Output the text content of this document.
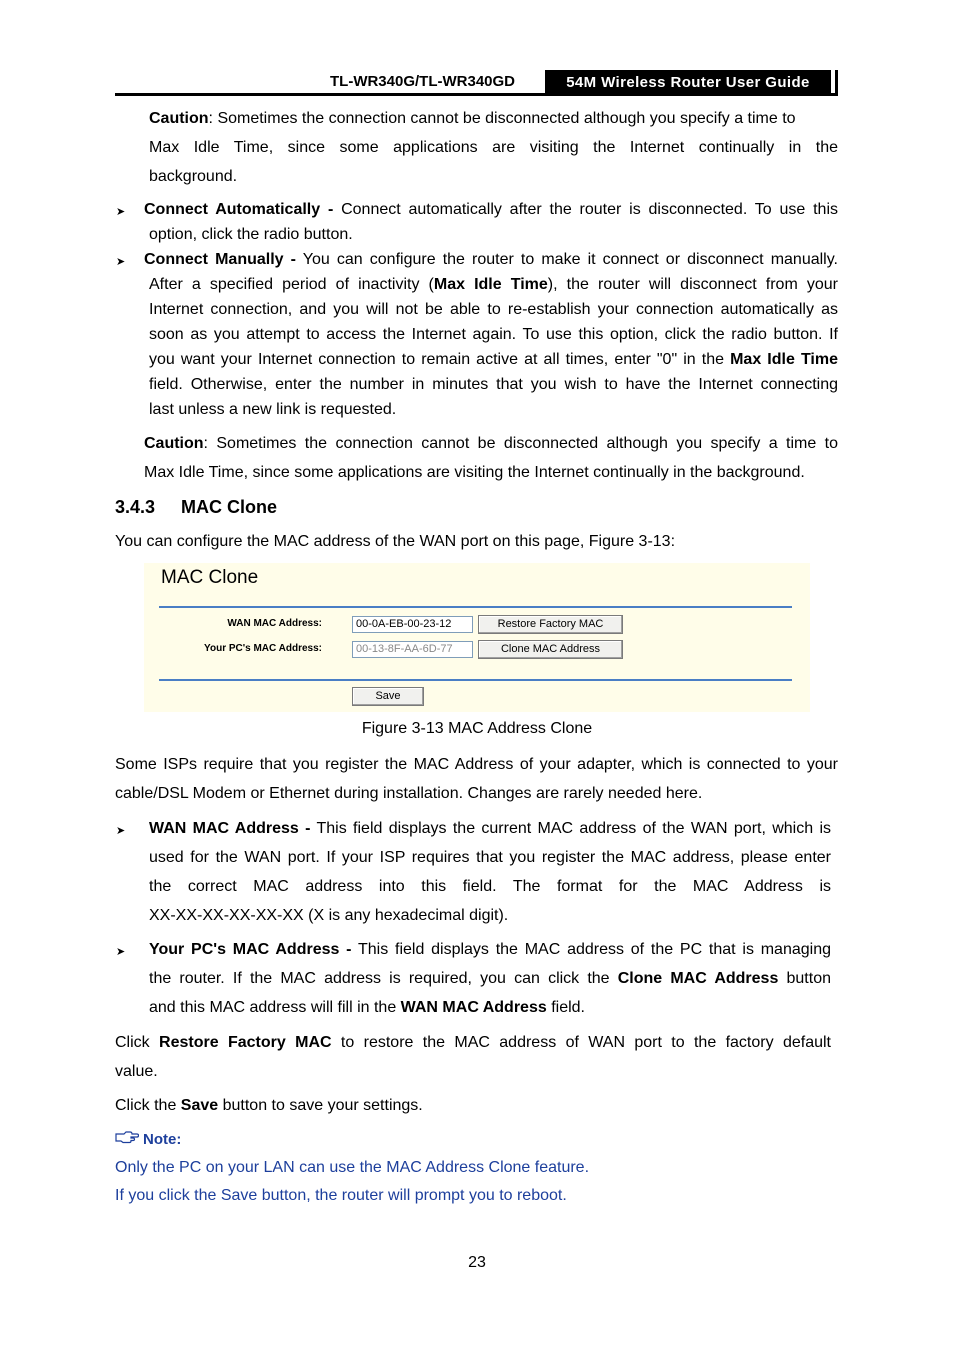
TL-WR340G/TL-WR340GD	54M Wireless Router User Guide
Caution: Sometimes the connection cannot be disconnected although you specify a time to
Max Idle Time, since some applications are visiting the Internet continually in the
background.
➤ Connect Automatically - Connect automatically after the router is disconnected. To use this
option, click the radio button.
➤ Connect Manually - You can configure the router to make it connect or disconnect manually.
After a specified period of inactivity (Max Idle Time), the router will disconnect from your
Internet connection, and you will not be able to re-establish your connection automatically as
soon as you attempt to access the Internet again. To use this option, click the radio button. If
you want your Internet connection to remain active at all times, enter "0" in the Max Idle Time
field. Otherwise, enter the number in minutes that you wish to have the Internet connecting
last unless a new link is requested.
Caution: Sometimes the connection cannot be disconnected although you specify a time to
Max Idle Time, since some applications are visiting the Internet continually in the background.
3.4.3 MAC Clone
You can configure the MAC address of the WAN port on this page, Figure 3-13:
MAC Clone
WAN MAC Address:	00-0A-EB-00-23-12	Restore Factory MAC
Your PC's MAC Address:	00-13-8F-AA-6D-77	Clone MAC Address
Save
Figure 3-13 MAC Address Clone
Some ISPs require that you register the MAC Address of your adapter, which is connected to your
cable/DSL Modem or Ethernet during installation. Changes are rarely needed here.
➤ WAN MAC Address - This field displays the current MAC address of the WAN port, which is
used for the WAN port. If your ISP requires that you register the MAC address, please enter
the correct MAC address into this field. The format for the MAC Address is
XX-XX-XX-XX-XX-XX (X is any hexadecimal digit).
➤ Your PC's MAC Address - This field displays the MAC address of the PC that is managing
the router. If the MAC address is required, you can click the Clone MAC Address button
and this MAC address will fill in the WAN MAC Address field.
Click Restore Factory MAC to restore the MAC address of WAN port to the factory default
value.
Click the Save button to save your settings.
Note:
Only the PC on your LAN can use the MAC Address Clone feature.
If you click the Save button, the router will prompt you to reboot.
23
